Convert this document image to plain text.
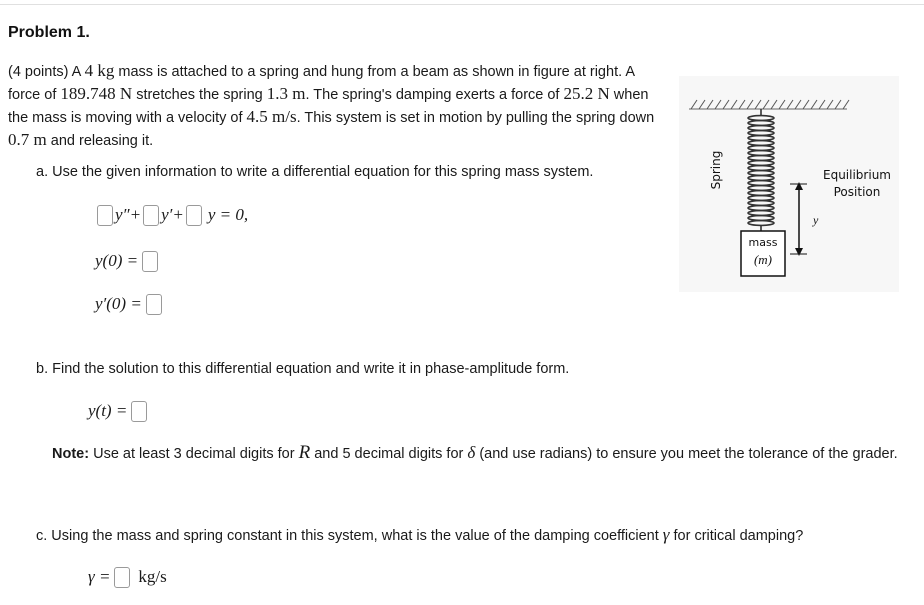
Problem 1.
(4 points) A 4 kg mass is attached to a spring and hung from a beam as shown in figure at right. A force of 189.748 N stretches the spring 1.3 m. The spring's damping exerts a force of 25.2 N when the mass is moving with a velocity of 4.5 m/s. This system is set in motion by pulling the spring down 0.7 m and releasing it.
mass
(m)
Spring
y
Equilibrium
Position
a. Use the given information to write a differential equation for this spring mass system.
y″+ y′+ y = 0,
y(0) =
y′(0) =
b. Find the solution to this differential equation and write it in phase-amplitude form.
y(t) =
Note: Use at least 3 decimal digits for R and 5 decimal digits for δ (and use radians) to ensure you meet the tolerance of the grader.
c. Using the mass and spring constant in this system, what is the value of the damping coefficient γ for critical damping?
γ = kg/s
